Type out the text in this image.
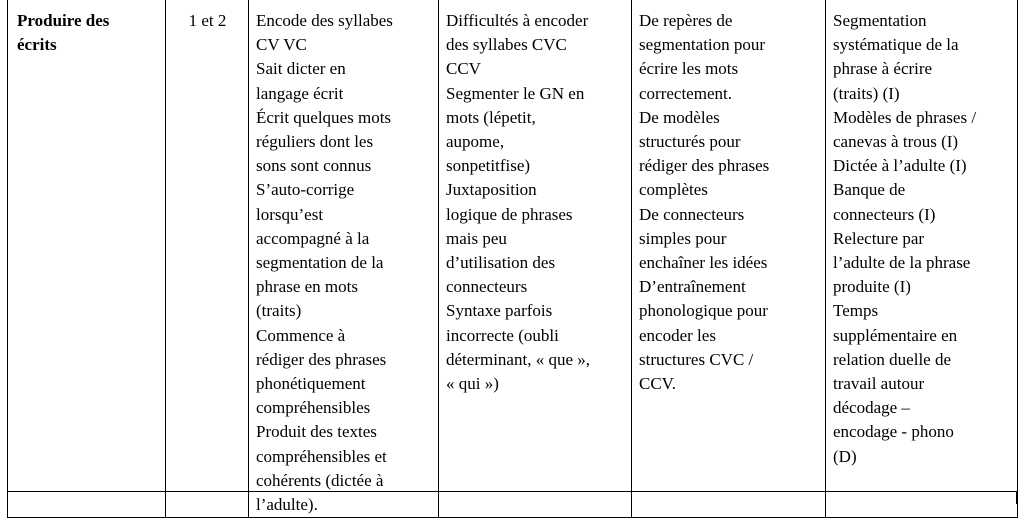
Produire des
écrits

1 et 2	Encode des syllabes
CV VC
Sait dicter en
langage écrit
Écrit quelques mots
réguliers dont les
sons sont connus
S’auto-corrige
lorsqu’est
accompagné à la
segmentation de la
phrase en mots
(traits)
Commence à
rédiger des phrases
phonétiquement
compréhensibles
Produit des textes
compréhensibles et
cohérents (dictée à
l’adulte).

Difficultés à encoder
des syllabes CVC
CCV
Segmenter le GN en
mots (lépetit,
aupome,
sonpetitfise)
Juxtaposition
logique de phrases
mais peu
d’utilisation des
connecteurs
Syntaxe parfois
incorrecte (oubli
déterminant, « que »,
« qui »)

De repères de
segmentation pour
écrire les mots
correctement.
De modèles
structurés pour
rédiger des phrases
complètes
De connecteurs
simples pour
enchaîner les idées
D’entraînement
phonologique pour
encoder les
structures CVC /
CCV.

Segmentation
systématique de la
phrase à écrire
(traits) (I)
Modèles de phrases /
canevas à trous (I)
Dictée à l’adulte (I)
Banque de
connecteurs (I)
Relecture par
l’adulte de la phrase
produite (I)
Temps
supplémentaire en
relation duelle de
travail autour
décodage –
encodage - phono
(D)
